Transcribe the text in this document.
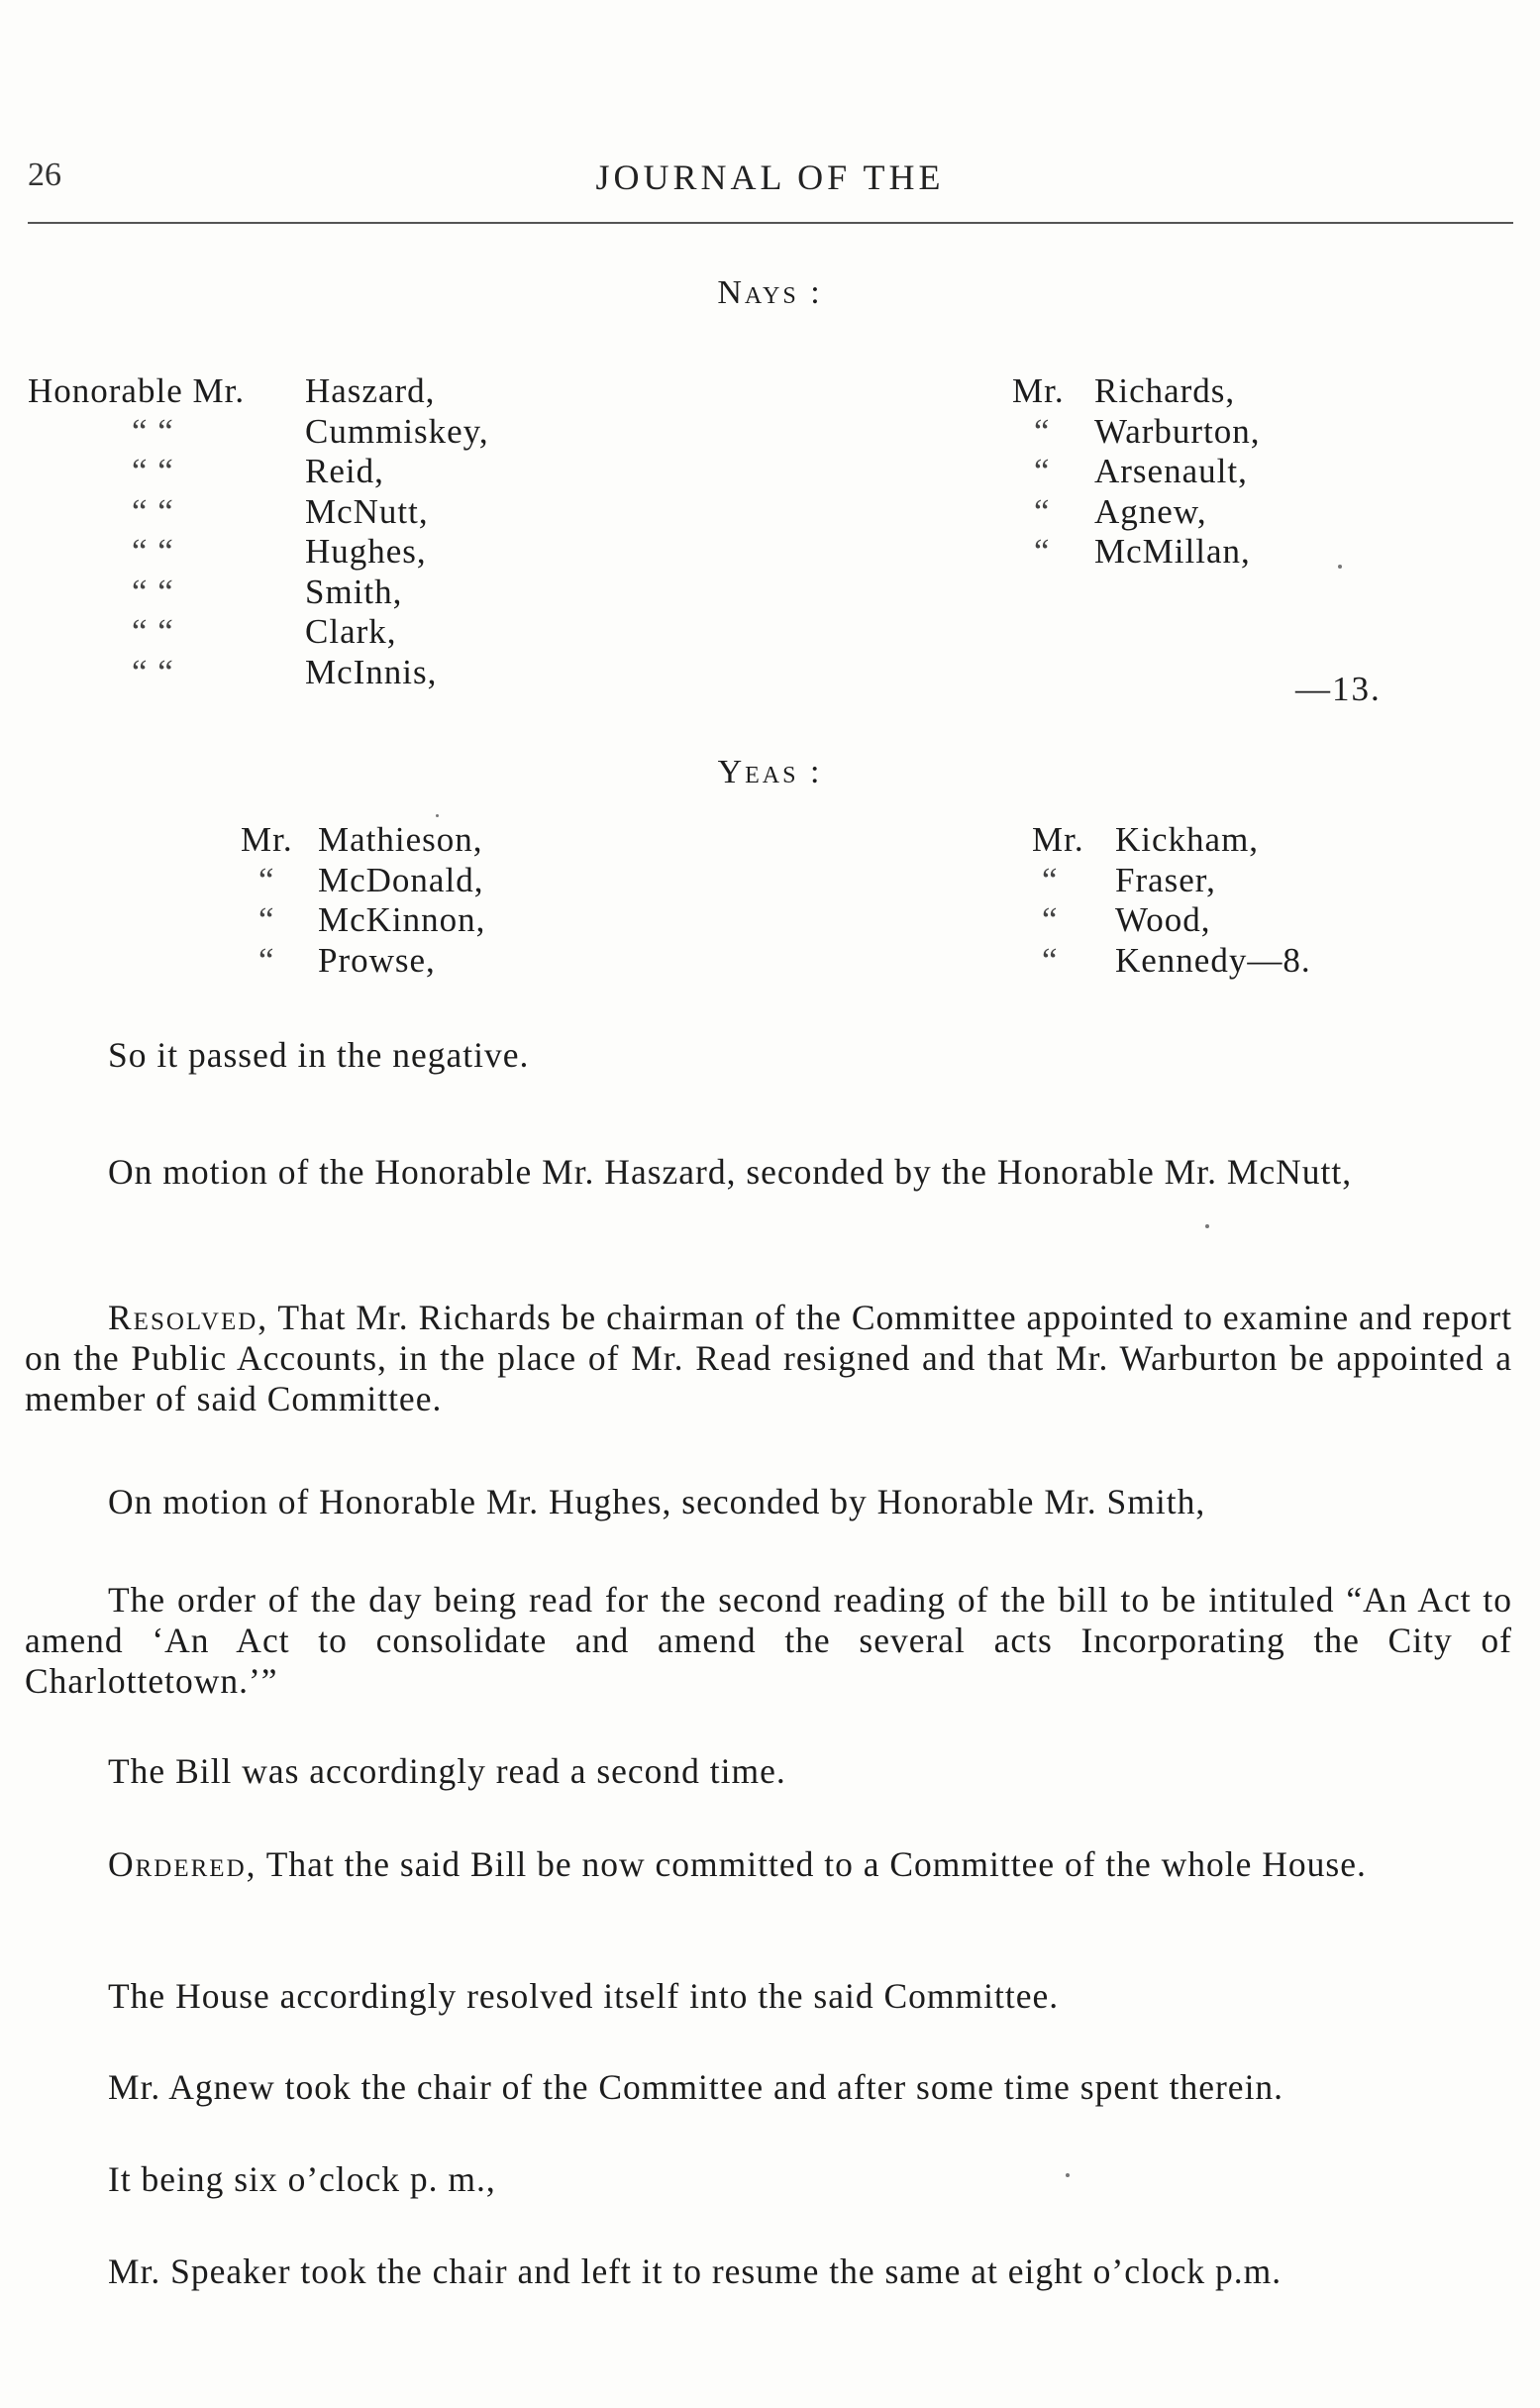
26	JOURNAL OF THE
Nays :
Honorable Mr. Haszard,
“ “	Cummiskey,
“ “	Reid,
“ “	McNutt,
“ “	Hughes,
“ “	Smith,
“ “	Clark,
“ “	McInnis,
Mr. Richards,
“ Warburton,
“ Arsenault,
“ Agnew,
“ McMillan,
—13.
Yeas :
Mr. Mathieson,
“ McDonald,
“ McKinnon,
“ Prowse,
Mr. Kickham,
“ Fraser,
“ Wood,
“ Kennedy—8.

So it passed in the negative.

On motion of the Honorable Mr. Haszard, seconded by the Honorable Mr. McNutt,

Resolved, That Mr. Richards be chairman of the Committee appointed to examine and report on the Public Accounts, in the place of Mr. Read resigned and that Mr. Warburton be appointed a member of said Committee.

On motion of Honorable Mr. Hughes, seconded by Honorable Mr. Smith,

The order of the day being read for the second reading of the bill to be intituled “An Act to amend ‘An Act to consolidate and amend the several acts Incorporating the City of Charlottetown.’”

The Bill was accordingly read a second time.

Ordered, That the said Bill be now committed to a Committee of the whole House.

The House accordingly resolved itself into the said Committee.

Mr. Agnew took the chair of the Committee and after some time spent therein.

It being six o’clock p. m.,

Mr. Speaker took the chair and left it to resume the same at eight o’clock p.m.
